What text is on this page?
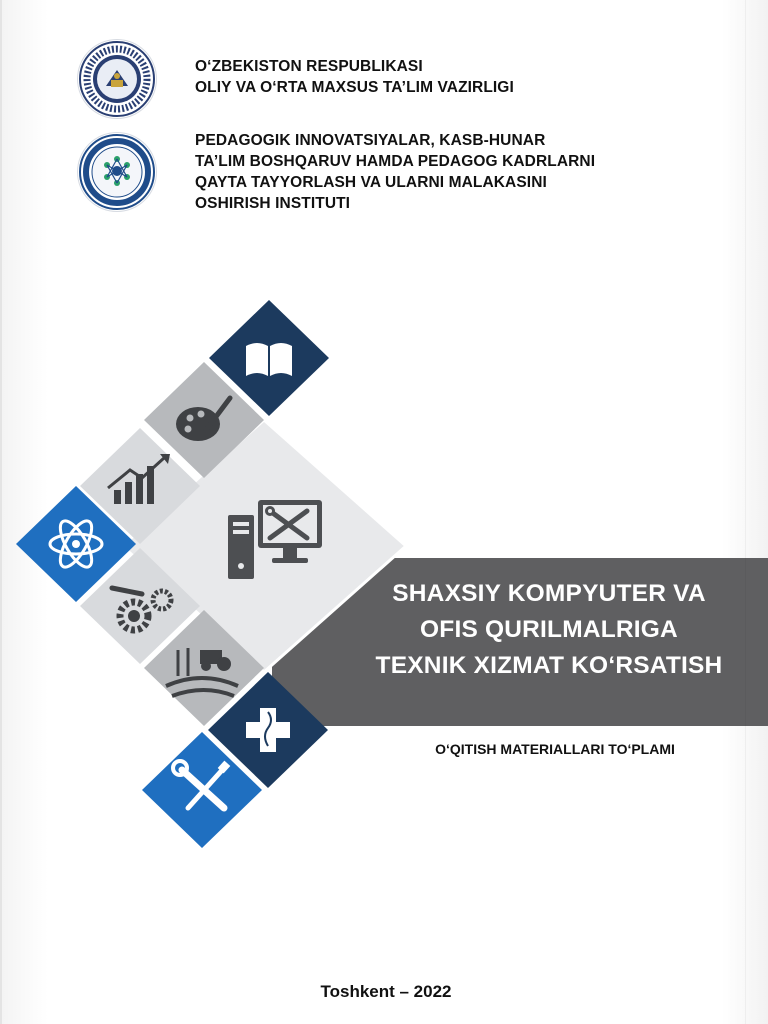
O‘ZBEKISTON RESPUBLIKASI
OLIY VA O‘RTA MAXSUS TA’LIM VAZIRLIGI

PEDAGOGIK INNOVATSIYALAR, KASB-HUNAR
TA’LIM BOSHQARUV HAMDA PEDAGOG KADRLARNI
QAYTA TAYYORLASH VA ULARNI MALAKASINI
OSHIRISH INSTITUTI

SHAXSIY KOMPYUTER VA
OFIS QURILMALRIGA
TEXNIK XIZMAT KO‘RSATISH
O‘QITISH MATERIALLARI TO‘PLAMI
Toshkent – 2022
